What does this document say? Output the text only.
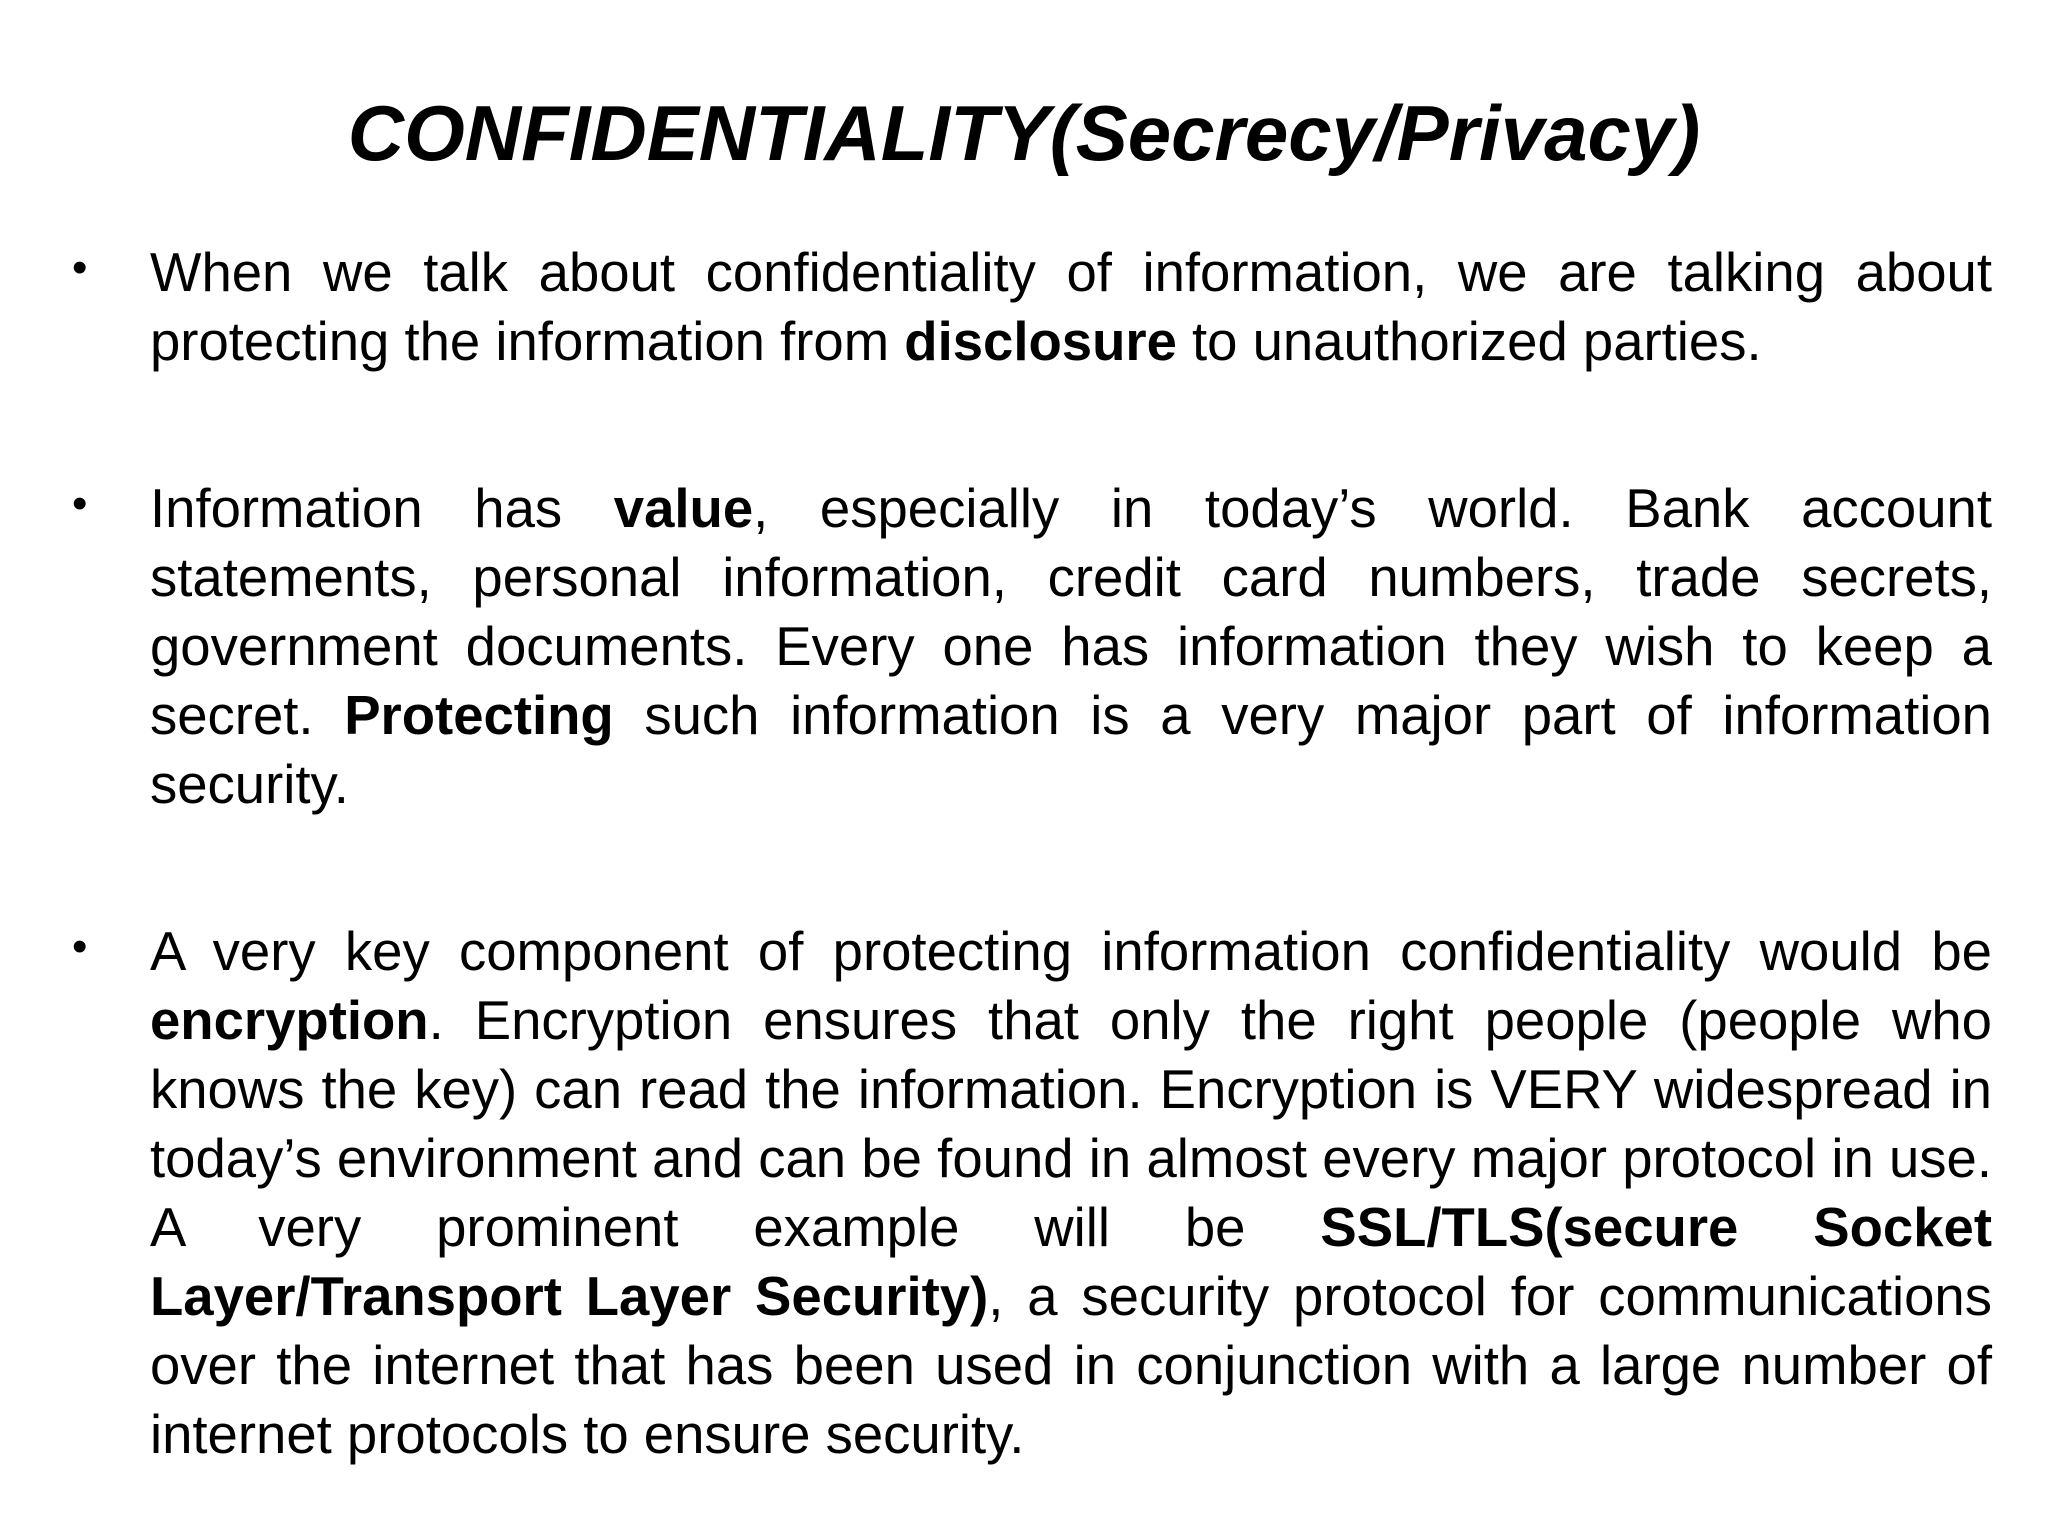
CONFIDENTIALITY(Secrecy/Privacy)
• When we talk about confidentiality of information, we are talking about protecting the information from disclosure to unauthorized parties.
• Information has value, especially in today’s world. Bank account statements, personal information, credit card numbers, trade secrets, government documents. Every one has information they wish to keep a secret. Protecting such information is a very major part of information security.
• A very key component of protecting information confidentiality would be encryption. Encryption ensures that only the right people (people who knows the key) can read the information. Encryption is VERY widespread in today’s environment and can be found in almost every major protocol in use. A very prominent example will be SSL/TLS(secure Socket Layer/Transport Layer Security), a security protocol for communications over the internet that has been used in conjunction with a large number of internet protocols to ensure security.
